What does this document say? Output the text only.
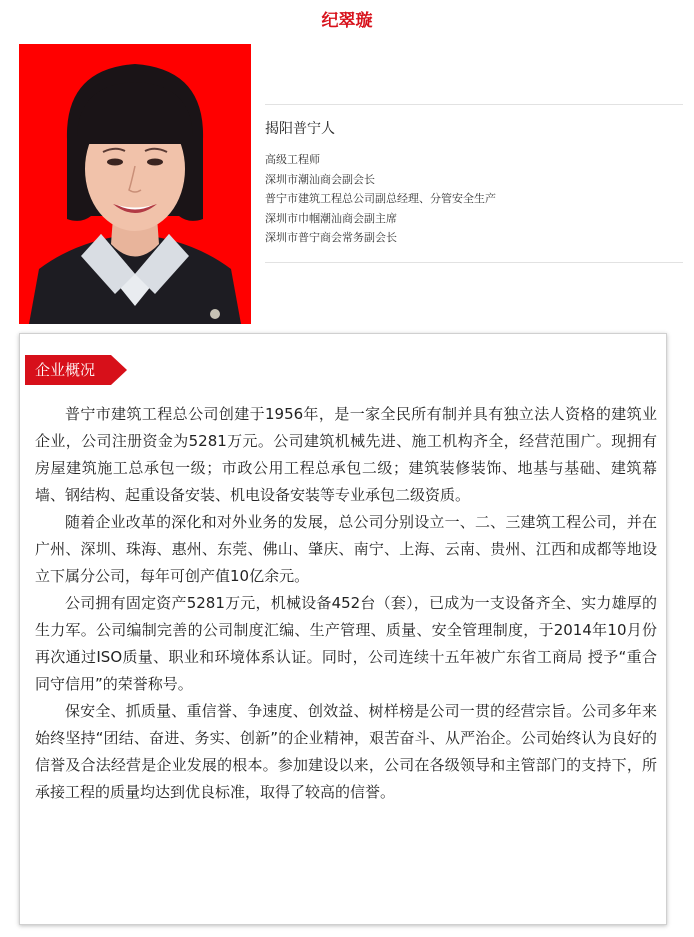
纪翠璇
揭阳普宁人
高级工程师
深圳市潮汕商会副会长
普宁市建筑工程总公司副总经理、分管安全生产
深圳市巾帼潮汕商会副主席
深圳市普宁商会常务副会长
企业概况

普宁市建筑工程总公司创建于1956年，是一家全民所有制并具有独立法人资格的建筑业企业，公司注册资金为5281万元。公司建筑机械先进、施工机构齐全，经营范围广。现拥有房屋建筑施工总承包一级；市政公用工程总承包二级；建筑装修装饰、地基与基础、建筑幕墙、钢结构、起重设备安装、机电设备安装等专业承包二级资质。

随着企业改革的深化和对外业务的发展，总公司分别设立一、二、三建筑工程公司，并在广州、深圳、珠海、惠州、东莞、佛山、肇庆、南宁、上海、云南、贵州、江西和成都等地设立下属分公司，每年可创产值10亿余元。

公司拥有固定资产5281万元，机械设备452台（套），已成为一支设备齐全、实力雄厚的生力军。公司编制完善的公司制度汇编、生产管理、质量、安全管理制度，于2014年10月份再次通过ISO质量、职业和环境体系认证。同时，公司连续十五年被广东省工商局 授予“重合同守信用”的荣誉称号。

保安全、抓质量、重信誉、争速度、创效益、树样榜是公司一贯的经营宗旨。公司多年来始终坚持“团结、奋进、务实、创新”的企业精神，艰苦奋斗、从严治企。公司始终认为良好的信誉及合法经营是企业发展的根本。参加建设以来，公司在各级领导和主管部门的支持下，所承接工程的质量均达到优良标准，取得了较高的信誉。
